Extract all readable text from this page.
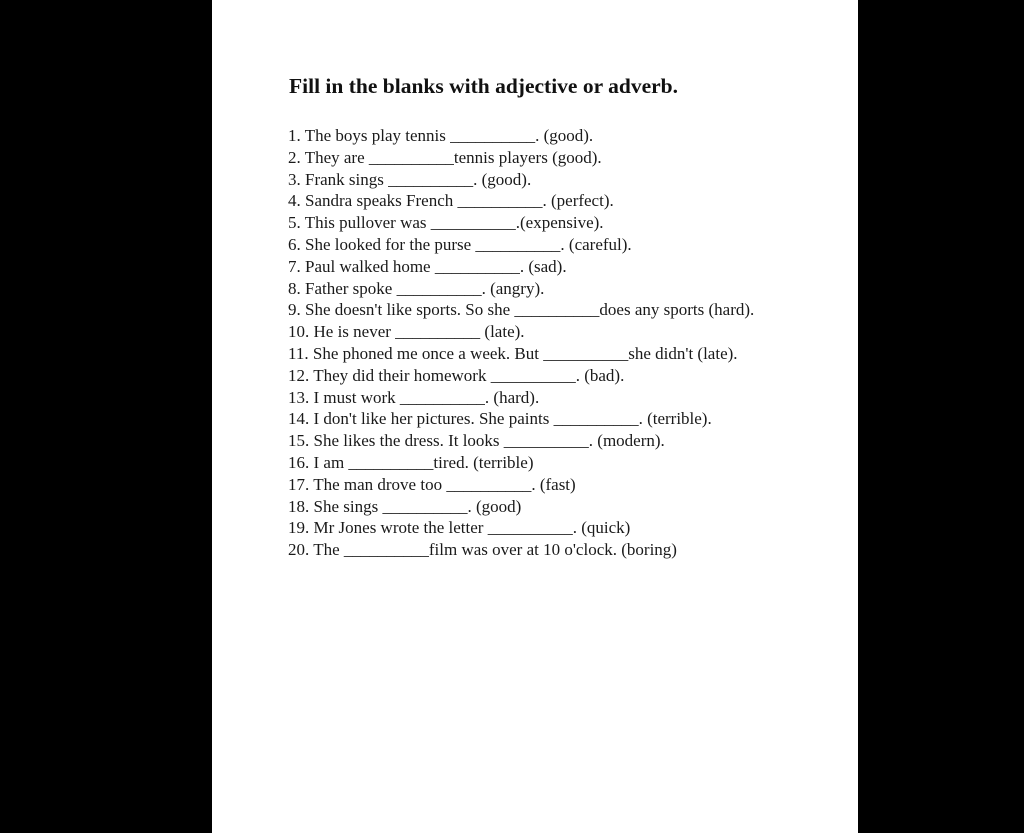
Fill in the blanks with adjective or adverb.
1. The boys play tennis __________. (good).
2. They are __________tennis players (good).
3. Frank sings __________. (good).
4. Sandra speaks French __________. (perfect).
5. This pullover was __________.(expensive).
6. She looked for the purse __________. (careful).
7. Paul walked home __________. (sad).
8. Father spoke __________. (angry).
9. She doesn't like sports. So she __________does any sports (hard).
10. He is never __________ (late).
11. She phoned me once a week. But __________she didn't (late).
12. They did their homework __________. (bad).
13. I must work __________. (hard).
14. I don't like her pictures. She paints __________. (terrible).
15. She likes the dress. It looks __________. (modern).
16. I am __________tired. (terrible)
17. The man drove too __________. (fast)
18. She sings __________. (good)
19. Mr Jones wrote the letter __________. (quick)
20. The __________film was over at 10 o'clock. (boring)
